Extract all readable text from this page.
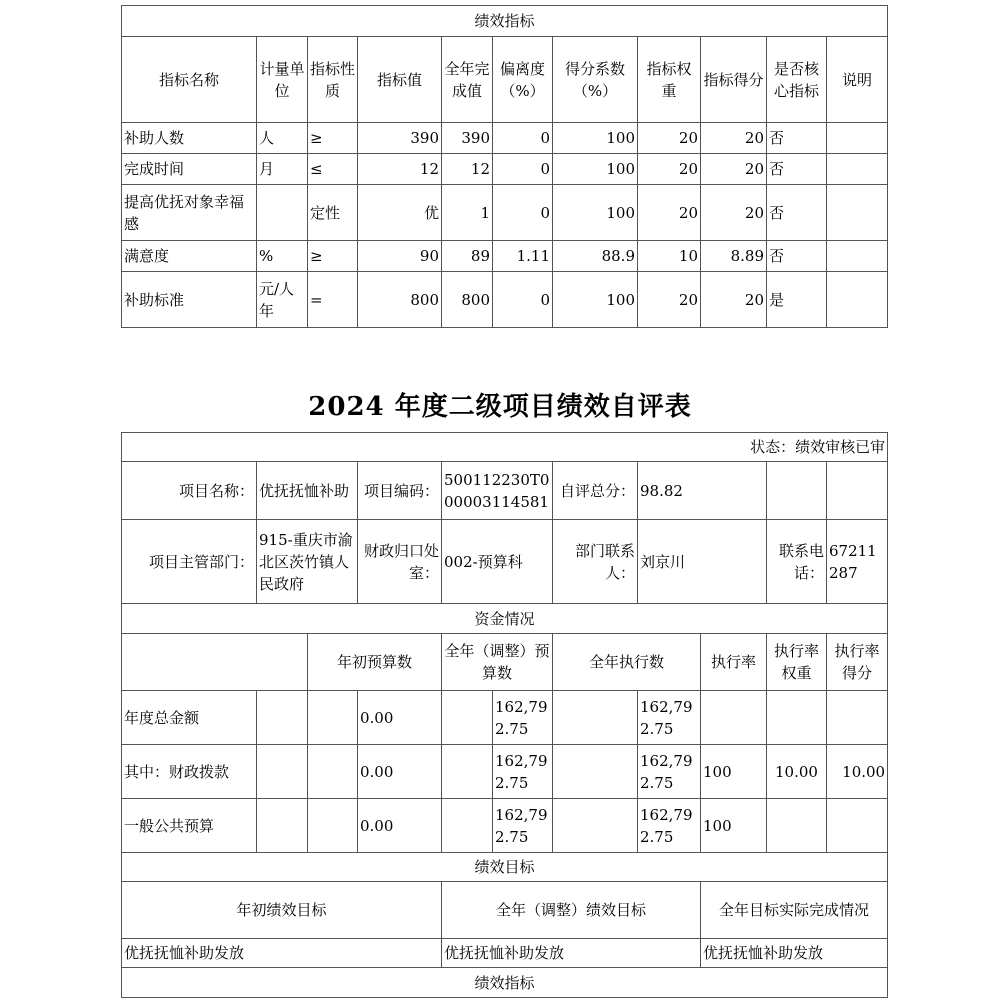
绩效指标										
指标名称	计量单位	指标性质	指标值	全年完成值	偏离度（%）	得分系数（%）	指标权重	指标得分	是否核心指标	说明
补助人数	人	≥	390	390	0	100	20	20	否	
完成时间	月	≤	12	12	0	100	20	20	否	
提高优抚对象幸福感		定性	优	1	0	100	20	20	否	
满意度	%	≥	90	89	1.11	88.9	10	8.89	否	
补助标准	元/人年	=	800	800	0	100	20	20	是	
2024 年度二级项目绩效自评表
状态：绩效审核已审										
项目名称：	优抚抚恤补助		项目编码：	500112230T000003114581		自评总分：	98.82			
项目主管部门：	915-重庆市渝北区茨竹镇人民政府		财政归口处室：	002-预算科		部门联系人：	刘京川		联系电话：	67211287
资金情况										
		年初预算数		全年（调整）预算数		全年执行数		执行率	执行率权重	执行率得分
年度总金额			0.00		162,792.75		162,792.75			
其中：财政拨款			0.00		162,792.75		162,792.75	100	10.00	10.00
一般公共预算			0.00		162,792.75		162,792.75	100		
绩效目标										
年初绩效目标				全年（调整）绩效目标				全年目标实际完成情况		
优抚抚恤补助发放				优抚抚恤补助发放				优抚抚恤补助发放		
绩效指标										
